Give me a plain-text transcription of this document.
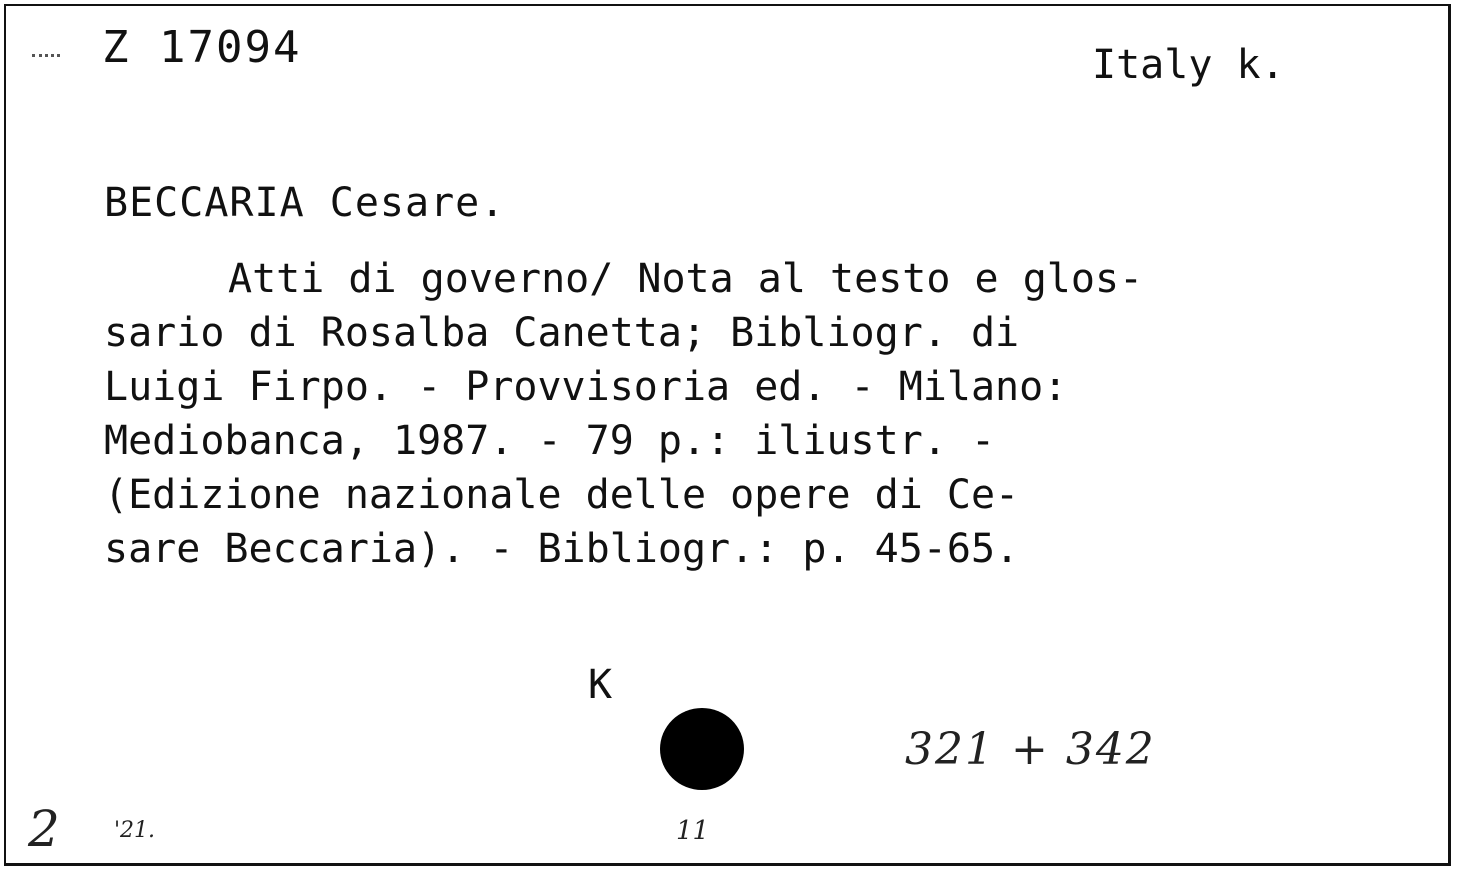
Z 17094	Italy k.
BECCARIA Cesare.
Atti di governo/ Nota al testo e glos-
sario di Rosalba Canetta; Bibliogr. di
Luigi Firpo. - Provvisoria ed. - Milano:
Mediobanca, 1987. - 79 p.: iliustr. -
(Edizione nazionale delle opere di Ce-
sare Beccaria). - Bibliogr.: p. 45-65.
K
321 + 342
11
2 '21.
